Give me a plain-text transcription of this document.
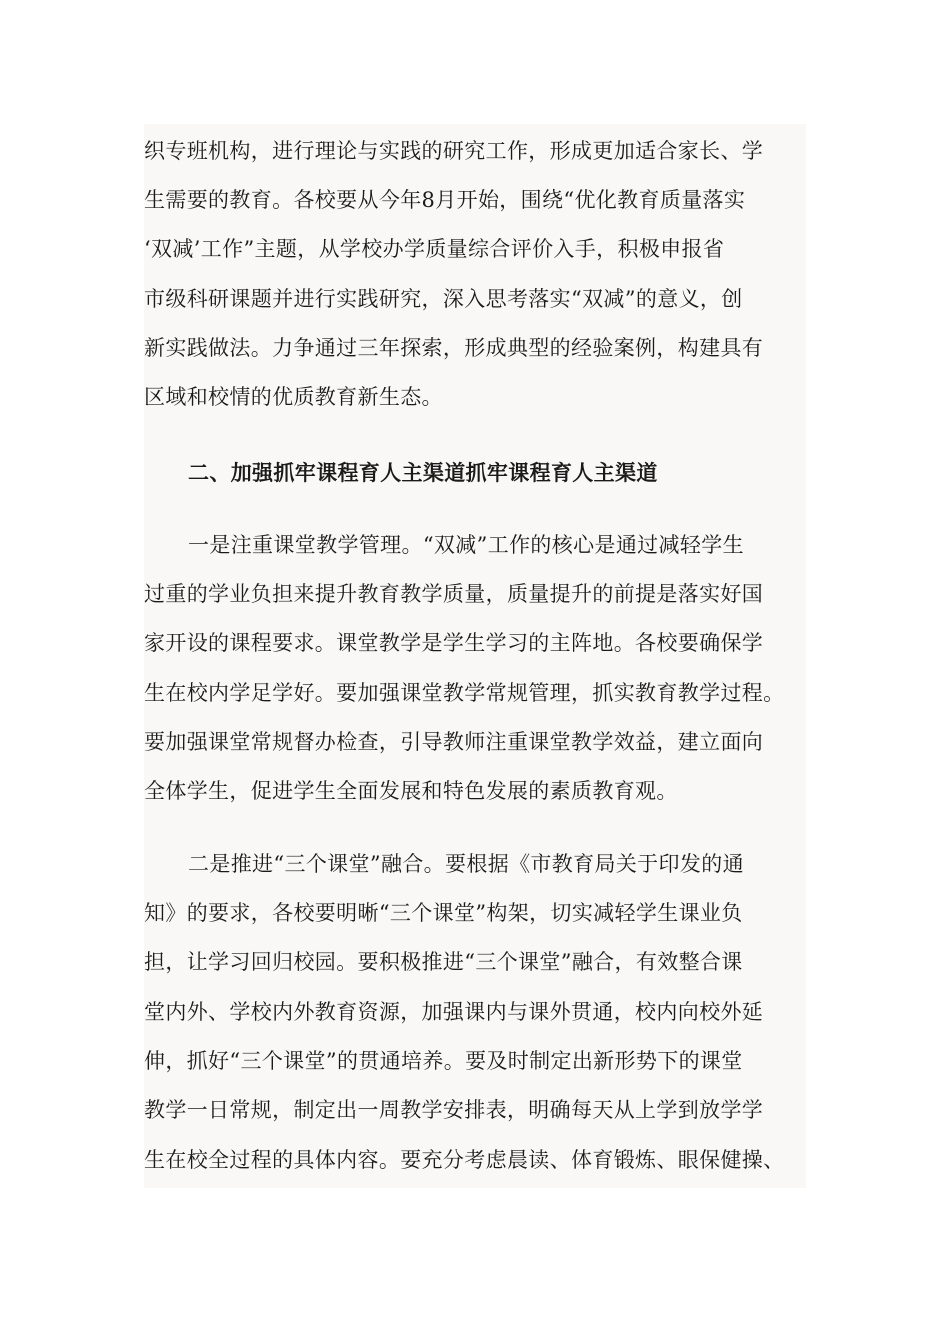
织专班机构，进行理论与实践的研究工作，形成更加适合家长、学
生需要的教育。各校要从今年8月开始，围绕“优化教育质量落实
‘双减’工作”主题，从学校办学质量综合评价入手，积极申报省
市级科研课题并进行实践研究，深入思考落实“双减”的意义，创
新实践做法。力争通过三年探索，形成典型的经验案例，构建具有
区域和校情的优质教育新生态。
二、加强抓牢课程育人主渠道抓牢课程育人主渠道
一是注重课堂教学管理。“双减”工作的核心是通过减轻学生
过重的学业负担来提升教育教学质量，质量提升的前提是落实好国
家开设的课程要求。课堂教学是学生学习的主阵地。各校要确保学
生在校内学足学好。要加强课堂教学常规管理，抓实教育教学过程。
要加强课堂常规督办检查，引导教师注重课堂教学效益，建立面向
全体学生，促进学生全面发展和特色发展的素质教育观。
二是推进“三个课堂”融合。要根据《市教育局关于印发的通
知》的要求，各校要明晰“三个课堂”构架，切实减轻学生课业负
担，让学习回归校园。要积极推进“三个课堂”融合，有效整合课
堂内外、学校内外教育资源，加强课内与课外贯通，校内向校外延
伸，抓好“三个课堂”的贯通培养。要及时制定出新形势下的课堂
教学一日常规，制定出一周教学安排表，明确每天从上学到放学学
生在校全过程的具体内容。要充分考虑晨读、体育锻炼、眼保健操、
